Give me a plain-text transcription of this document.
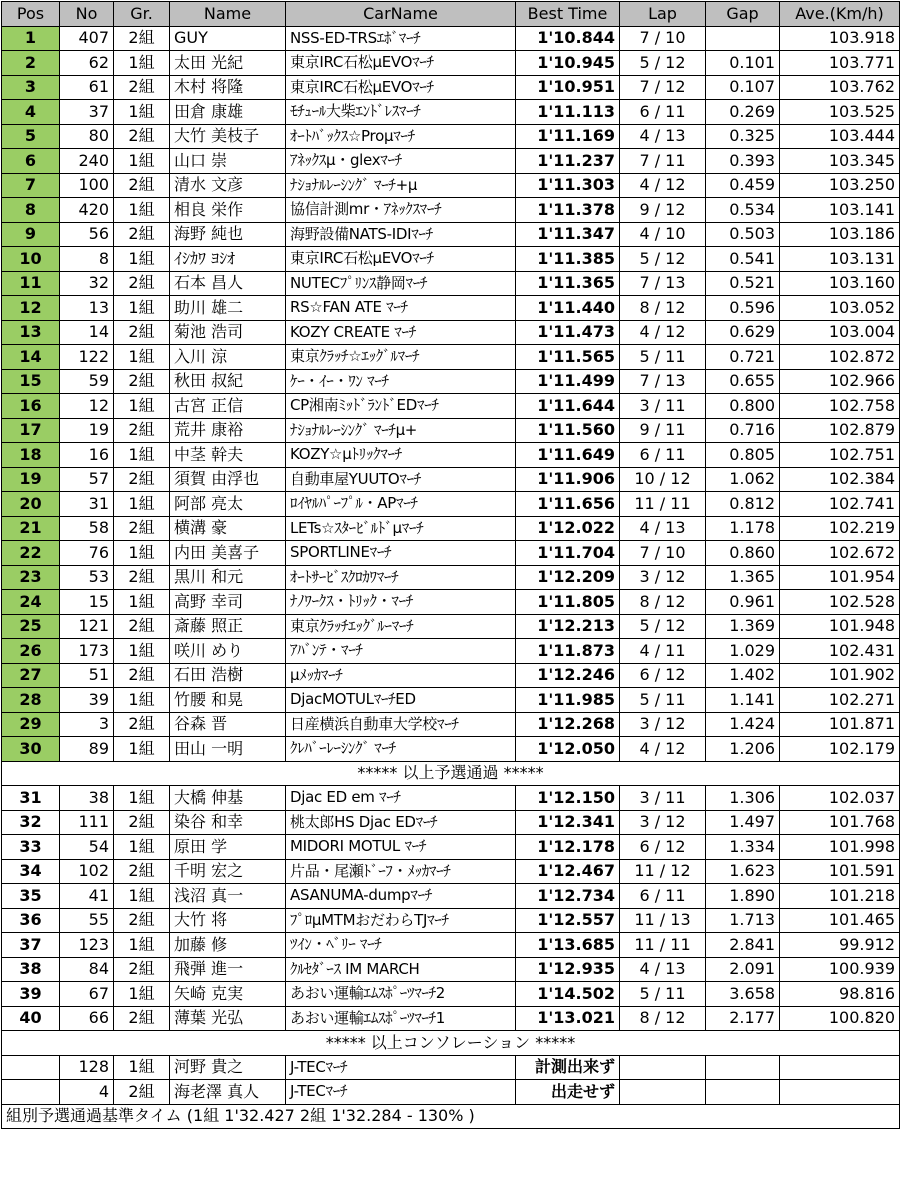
Pos	No	Gr.	Name	CarName	Best Time	Lap	Gap	Ave.(Km/h)
1	407	2組	GUY	NSS-ED-TRSｴﾎﾞﾏｰﾁ	1'10.844	7 / 10		103.918
2	62	1組	太田 光紀	東京IRC石松μEVOﾏｰﾁ	1'10.945	5 / 12	0.101	103.771
3	61	2組	木村 将隆	東京IRC石松μEVOﾏｰﾁ	1'10.951	7 / 12	0.107	103.762
4	37	1組	田倉 康雄	ﾓﾁｭｰﾙ大柴ｴﾝﾄﾞﾚｽﾏｰﾁ	1'11.113	6 / 11	0.269	103.525
5	80	2組	大竹 美枝子	ｵｰﾄﾊﾞｯｸｽ☆Proμﾏｰﾁ	1'11.169	4 / 13	0.325	103.444
6	240	1組	山口 崇	ｱﾈｯｸｽμ・glexﾏｰﾁ	1'11.237	7 / 11	0.393	103.345
7	100	2組	清水 文彦	ﾅｼｮﾅﾙﾚｰｼﾝｸﾞ ﾏｰﾁ+μ	1'11.303	4 / 12	0.459	103.250
8	420	1組	相良 栄作	協信計測mr・ｱﾈｯｸｽﾏｰﾁ	1'11.378	9 / 12	0.534	103.141
9	56	2組	海野 純也	海野設備NATS-IDIﾏｰﾁ	1'11.347	4 / 10	0.503	103.186
10	8	1組	ｲｼｶﾜ ﾖｼｵ	東京IRC石松μEVOﾏｰﾁ	1'11.385	5 / 12	0.541	103.131
11	32	2組	石本 昌人	NUTECﾌﾟﾘﾝｽ静岡ﾏｰﾁ	1'11.365	7 / 13	0.521	103.160
12	13	1組	助川 雄二	RS☆FAN ATE ﾏｰﾁ	1'11.440	8 / 12	0.596	103.052
13	14	2組	菊池 浩司	KOZY CREATE ﾏｰﾁ	1'11.473	4 / 12	0.629	103.004
14	122	1組	入川 涼	東京ｸﾗｯﾁ☆ｴｯｸﾞﾙﾏｰﾁ	1'11.565	5 / 11	0.721	102.872
15	59	2組	秋田 叔紀	ｹｰ・ｲｰ・ﾜﾝ ﾏｰﾁ	1'11.499	7 / 13	0.655	102.966
16	12	1組	古宮 正信	CP湘南ﾐｯﾄﾞﾗﾝﾄﾞEDﾏｰﾁ	1'11.644	3 / 11	0.800	102.758
17	19	2組	荒井 康裕	ﾅｼｮﾅﾙﾚｰｼﾝｸﾞ ﾏｰﾁμ+	1'11.560	9 / 11	0.716	102.879
18	16	1組	中茎 幹夫	KOZY☆μﾄﾘｯｸﾏｰﾁ	1'11.649	6 / 11	0.805	102.751
19	57	2組	須賀 由浮也	自動車屋YUUTOﾏｰﾁ	1'11.906	10 / 12	1.062	102.384
20	31	1組	阿部 亮太	ﾛｲﾔﾙﾊﾟｰﾌﾟﾙ・APﾏｰﾁ	1'11.656	11 / 11	0.812	102.741
21	58	2組	横溝 豪	LETs☆ｽﾀｰﾋﾞﾙﾄﾞμﾏｰﾁ	1'12.022	4 / 13	1.178	102.219
22	76	1組	内田 美喜子	SPORTLINEﾏｰﾁ	1'11.704	7 / 10	0.860	102.672
23	53	2組	黒川 和元	ｵｰﾄｻｰﾋﾞｽｸﾛｶﾜﾏｰﾁ	1'12.209	3 / 12	1.365	101.954
24	15	1組	高野 幸司	ﾅﾉﾜｰｸｽ・ﾄﾘｯｸ・ﾏｰﾁ	1'11.805	8 / 12	0.961	102.528
25	121	2組	斎藤 照正	東京ｸﾗｯﾁｴｯｸﾞﾙｰﾏｰﾁ	1'12.213	5 / 12	1.369	101.948
26	173	1組	咲川 めり	ｱﾊﾞﾝﾃ・ﾏｰﾁ	1'11.873	4 / 11	1.029	102.431
27	51	2組	石田 浩樹	μﾒｯｶﾏｰﾁ	1'12.246	6 / 12	1.402	101.902
28	39	1組	竹腰 和晃	DjacMOTULﾏｰﾁED	1'11.985	5 / 11	1.141	102.271
29	3	2組	谷森 晋	日産横浜自動車大学校ﾏｰﾁ	1'12.268	3 / 12	1.424	101.871
30	89	1組	田山 一明	ｸﾚﾊﾞｰﾚｰｼﾝｸﾞ ﾏｰﾁ	1'12.050	4 / 12	1.206	102.179
***** 以上予選通過 *****								
31	38	1組	大橋 伸基	Djac ED em ﾏｰﾁ	1'12.150	3 / 11	1.306	102.037
32	111	2組	染谷 和幸	桃太郎HS Djac EDﾏｰﾁ	1'12.341	3 / 12	1.497	101.768
33	54	1組	原田 学	MIDORI MOTUL ﾏｰﾁ	1'12.178	6 / 12	1.334	101.998
34	102	2組	千明 宏之	片品・尾瀬ﾄﾞｰﾌ・ﾒｯｶﾏｰﾁ	1'12.467	11 / 12	1.623	101.591
35	41	1組	浅沼 真一	ASANUMA-dumpﾏｰﾁ	1'12.734	6 / 11	1.890	101.218
36	55	2組	大竹 将	ﾌﾟﾛμMTMおだわらTJﾏｰﾁ	1'12.557	11 / 13	1.713	101.465
37	123	1組	加藤 修	ﾂｲﾝ・ﾍﾞﾘｰ ﾏｰﾁ	1'13.685	11 / 11	2.841	99.912
38	84	2組	飛弾 進一	ｸﾙｾﾀﾞｰｽ IM MARCH	1'12.935	4 / 13	2.091	100.939
39	67	1組	矢崎 克実	あおい運輸ｴﾑｽﾎﾟｰﾂﾏｰﾁ2	1'14.502	5 / 11	3.658	98.816
40	66	2組	薄葉 光弘	あおい運輸ｴﾑｽﾎﾟｰﾂﾏｰﾁ1	1'13.021	8 / 12	2.177	100.820
***** 以上コンソレーション *****								
	128	1組	河野 貴之	J-TECﾏｰﾁ	計測出来ず			
	4	2組	海老澤 真人	J-TECﾏｰﾁ	出走せず			
組別予選通過基準タイム (1組 1'32.427 2組 1'32.284 - 130% )								
